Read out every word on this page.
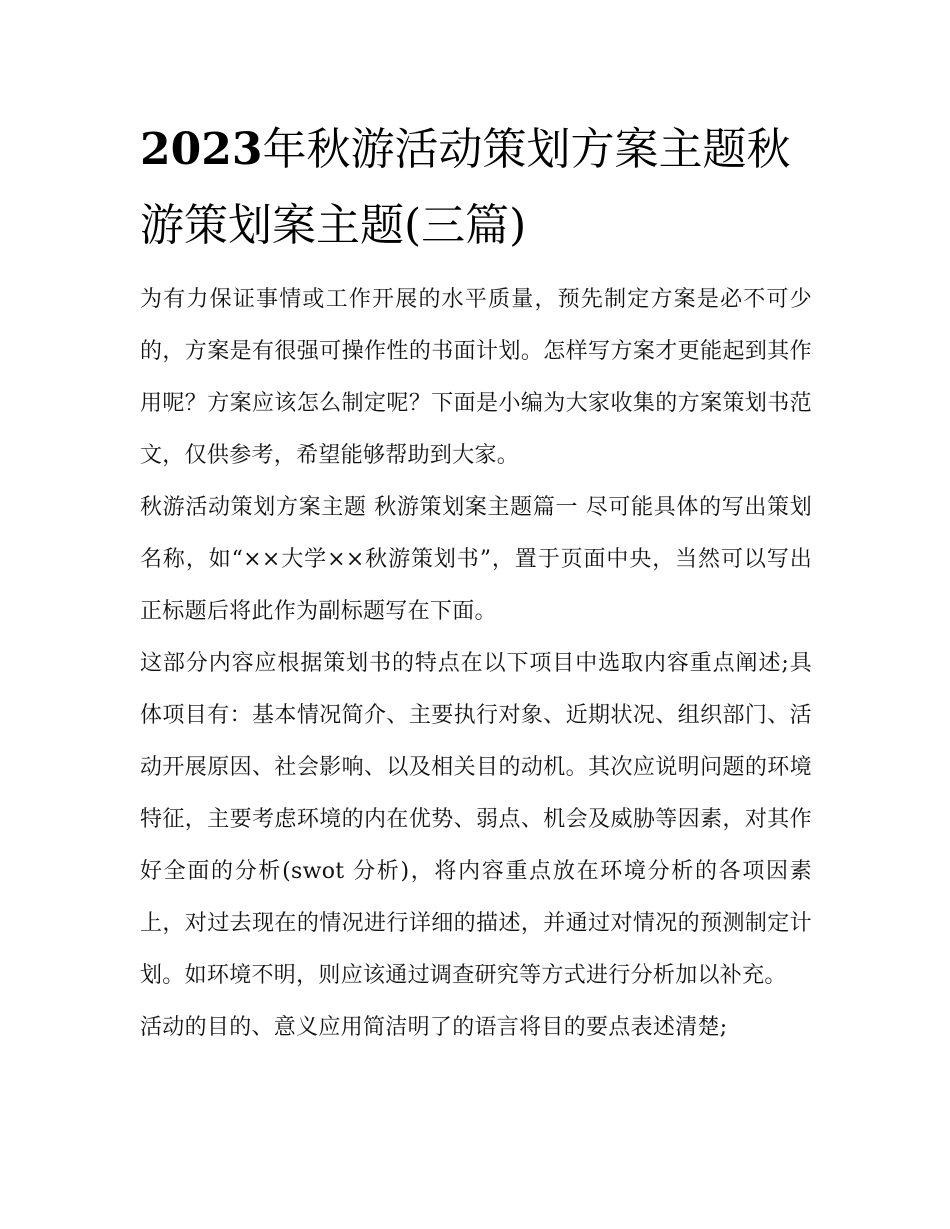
2023年秋游活动策划方案主题秋游策划案主题(三篇)

为有力保证事情或工作开展的水平质量，预先制定方案是必不可少的，方案是有很强可操作性的书面计划。怎样写方案才更能起到其作用呢？方案应该怎么制定呢？下面是小编为大家收集的方案策划书范文，仅供参考，希望能够帮助到大家。

秋游活动策划方案主题 秋游策划案主题篇一 尽可能具体的写出策划名称，如“××大学××秋游策划书”，置于页面中央，当然可以写出正标题后将此作为副标题写在下面。

这部分内容应根据策划书的特点在以下项目中选取内容重点阐述;具体项目有：基本情况简介、主要执行对象、近期状况、组织部门、活动开展原因、社会影响、以及相关目的动机。其次应说明问题的环境特征，主要考虑环境的内在优势、弱点、机会及威胁等因素，对其作好全面的分析(swot 分析)，将内容重点放在环境分析的各项因素上，对过去现在的情况进行详细的描述，并通过对情况的预测制定计划。如环境不明，则应该通过调查研究等方式进行分析加以补充。

活动的目的、意义应用简洁明了的语言将目的要点表述清楚;
